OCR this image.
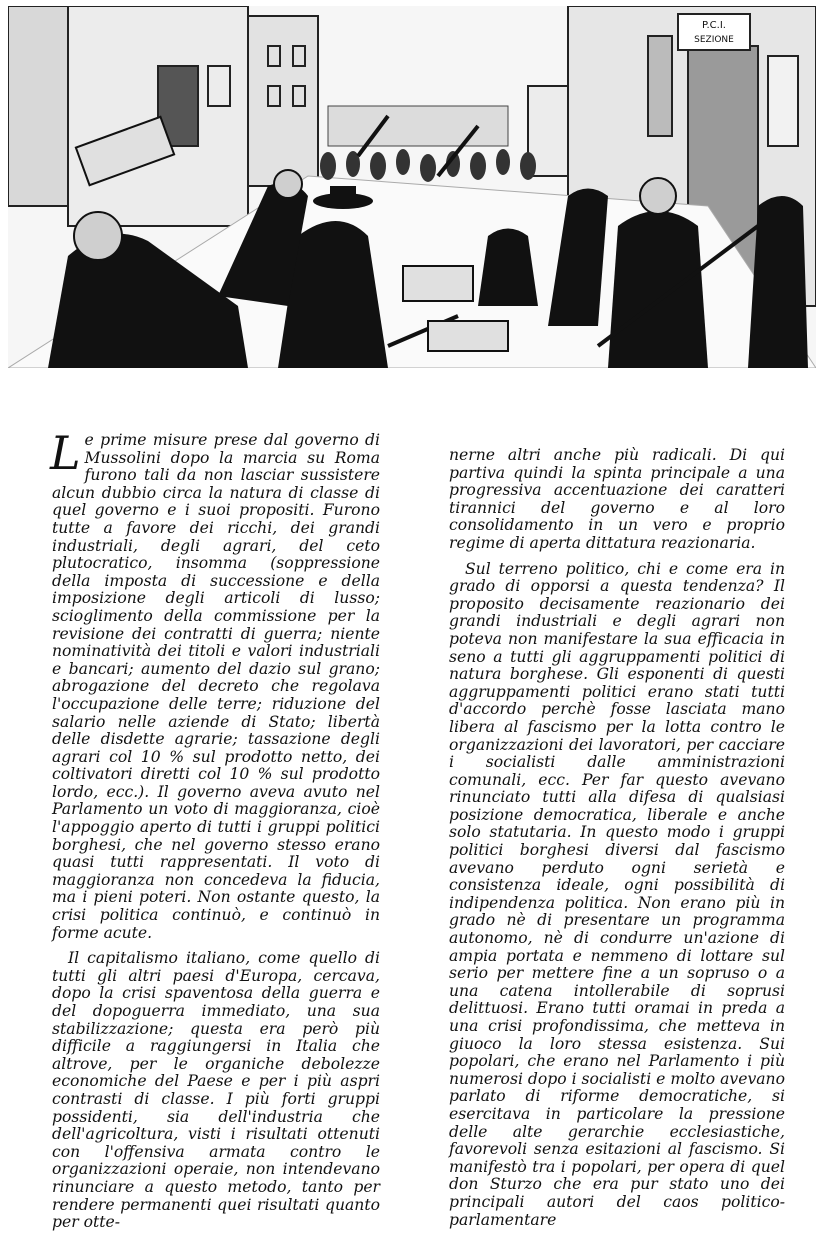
P.C.I.
SEZIONE

Le prime misure prese dal governo di Mussolini dopo la marcia su Roma furono tali da non lasciar sussistere alcun dubbio circa la natura di classe di quel governo e i suoi propositi. Furono tutte a favore dei ricchi, dei grandi industriali, degli agrari, del ceto plutocratico, insomma (soppressione della imposta di successione e della imposizione degli articoli di lusso; scioglimento della commissione per la revisione dei contratti di guerra; niente nominatività dei titoli e valori industriali e bancari; aumento del dazio sul grano; abrogazione del decreto che regolava l'occupazione delle terre; riduzione del salario nelle aziende di Stato; libertà delle disdette agrarie; tassazione degli agrari col 10 % sul prodotto netto, dei coltivatori diretti col 10 % sul prodotto lordo, ecc.). Il governo aveva avuto nel Parlamento un voto di maggioranza, cioè l'appoggio aperto di tutti i gruppi politici borghesi, che nel governo stesso erano quasi tutti rappresentati. Il voto di maggioranza non concedeva la fiducia, ma i pieni poteri. Non ostante questo, la crisi politica continuò, e continuò in forme acute.

Il capitalismo italiano, come quello di tutti gli altri paesi d'Europa, cercava, dopo la crisi spaventosa della guerra e del dopoguerra immediato, una sua stabilizzazione; questa era però più difficile a raggiungersi in Italia che altrove, per le organiche debolezze economiche del Paese e per i più aspri contrasti di classe. I più forti gruppi possidenti, sia dell'industria che dell'agricoltura, visti i risultati ottenuti con l'offensiva armata contro le organizzazioni operaie, non intendevano rinunciare a questo metodo, tanto per rendere permanenti quei risultati quanto per otte-

nerne altri anche più radicali. Di qui partiva quindi la spinta principale a una progressiva accentuazione dei caratteri tirannici del governo e al loro consolidamento in un vero e proprio regime di aperta dittatura reazionaria.

Sul terreno politico, chi e come era in grado di opporsi a questa tendenza? Il proposito decisamente reazionario dei grandi industriali e degli agrari non poteva non manifestare la sua efficacia in seno a tutti gli aggruppamenti politici di natura borghese. Gli esponenti di questi aggruppamenti politici erano stati tutti d'accordo perchè fosse lasciata mano libera al fascismo per la lotta contro le organizzazioni dei lavoratori, per cacciare i socialisti dalle amministrazioni comunali, ecc. Per far questo avevano rinunciato tutti alla difesa di qualsiasi posizione democratica, liberale e anche solo statutaria. In questo modo i gruppi politici borghesi diversi dal fascismo avevano perduto ogni serietà e consistenza ideale, ogni possibilità di indipendenza politica. Non erano più in grado nè di presentare un programma autonomo, nè di condurre un'azione di ampia portata e nemmeno di lottare sul serio per mettere fine a un sopruso o a una catena intollerabile di soprusi delittuosi. Erano tutti oramai in preda a una crisi profondissima, che metteva in giuoco la loro stessa esistenza. Sui popolari, che erano nel Parlamento i più numerosi dopo i socialisti e molto avevano parlato di riforme democratiche, si esercitava in particolare la pressione delle alte gerarchie ecclesiastiche, favorevoli senza esitazioni al fascismo. Si manifestò tra i popolari, per opera di quel don Sturzo che era pur stato uno dei principali autori del caos politico-parlamentare
